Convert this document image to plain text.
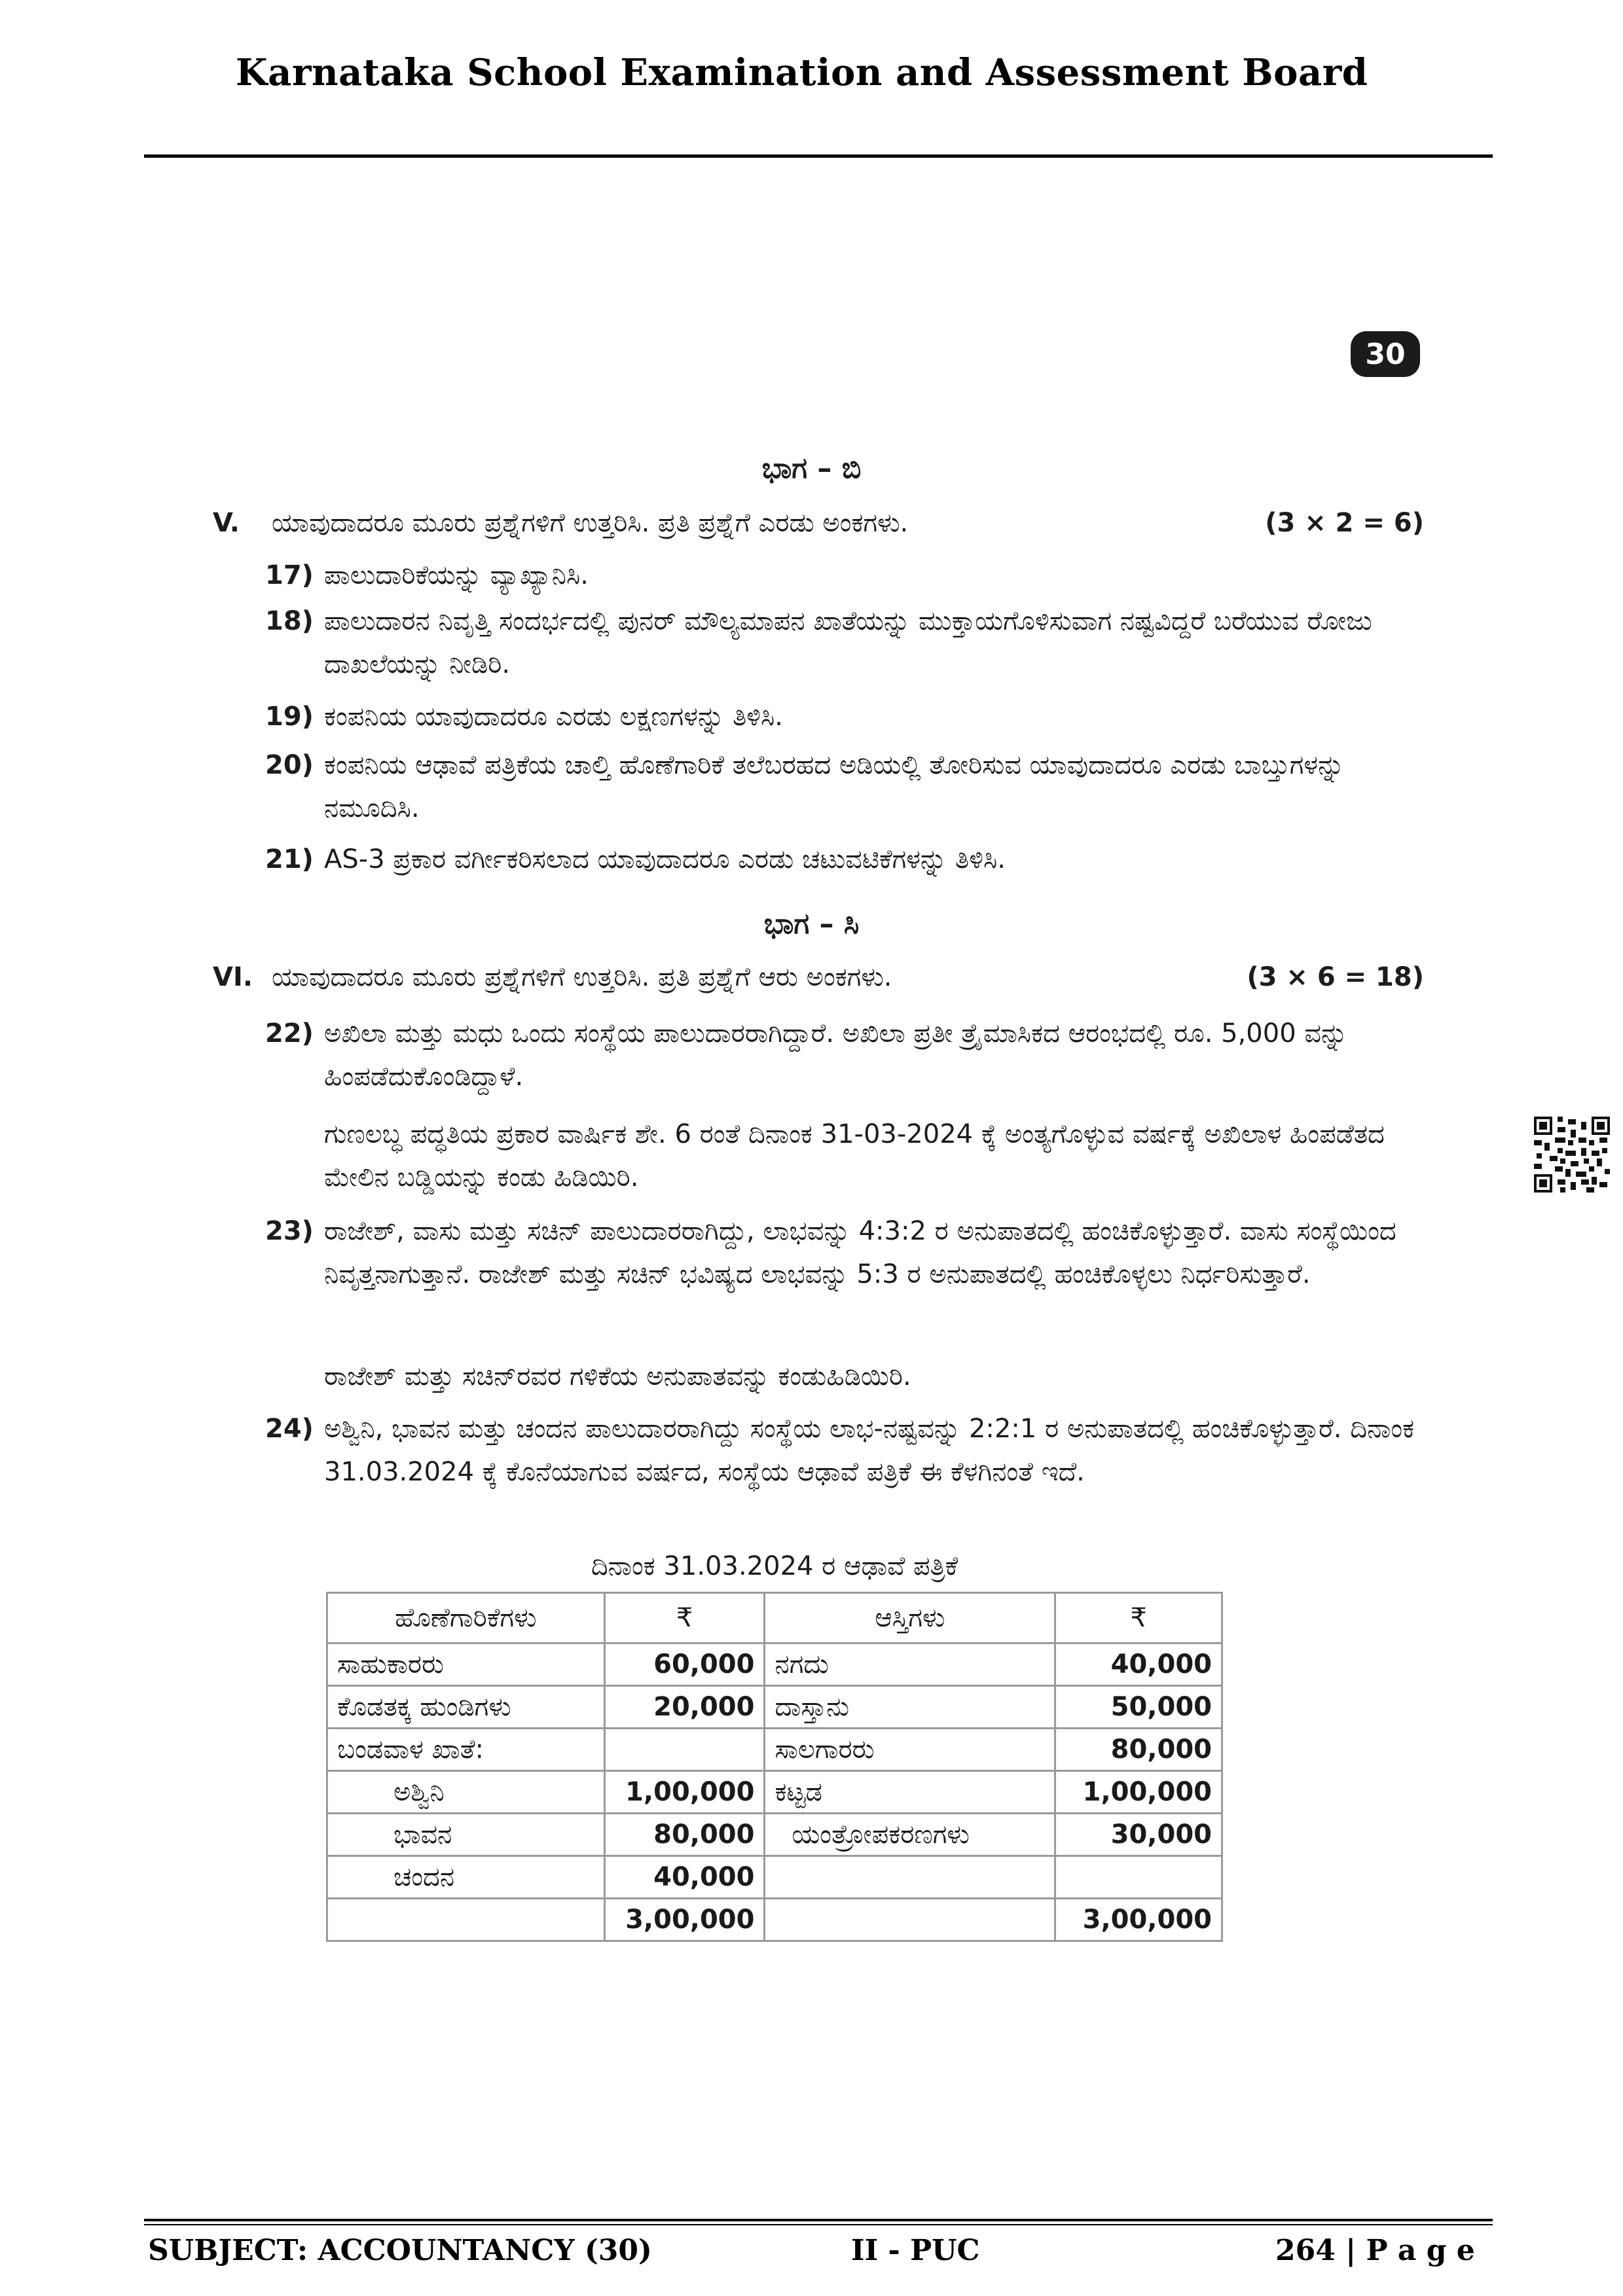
Karnataka School Examination and Assessment Board
30
ಭಾಗ – ಬಿ
V. ಯಾವುದಾದರೂ ಮೂರು ಪ್ರಶ್ನೆಗಳಿಗೆ ಉತ್ತರಿಸಿ. ಪ್ರತಿ ಪ್ರಶ್ನೆಗೆ ಎರಡು ಅಂಕಗಳು.	(3 × 2 = 6)
17) ಪಾಲುದಾರಿಕೆಯನ್ನು ವ್ಯಾಖ್ಯಾನಿಸಿ.
18) ಪಾಲುದಾರನ ನಿವೃತ್ತಿ ಸಂದರ್ಭದಲ್ಲಿ ಪುನರ್ ಮೌಲ್ಯಮಾಪನ ಖಾತೆಯನ್ನು ಮುಕ್ತಾಯಗೊಳಿಸುವಾಗ ನಷ್ಟವಿದ್ದರೆ ಬರೆಯುವ ರೋಜು ದಾಖಲೆಯನ್ನು ನೀಡಿರಿ.
19) ಕಂಪನಿಯ ಯಾವುದಾದರೂ ಎರಡು ಲಕ್ಷಣಗಳನ್ನು ತಿಳಿಸಿ.
20) ಕಂಪನಿಯ ಆಢಾವೆ ಪತ್ರಿಕೆಯ ಚಾಲ್ತಿ ಹೊಣೆಗಾರಿಕೆ ತಲೆಬರಹದ ಅಡಿಯಲ್ಲಿ ತೋರಿಸುವ ಯಾವುದಾದರೂ ಎರಡು ಬಾಬ್ತುಗಳನ್ನು ನಮೂದಿಸಿ.
21) AS-3 ಪ್ರಕಾರ ವರ್ಗೀಕರಿಸಲಾದ ಯಾವುದಾದರೂ ಎರಡು ಚಟುವಟಿಕೆಗಳನ್ನು ತಿಳಿಸಿ.
ಭಾಗ – ಸಿ
VI. ಯಾವುದಾದರೂ ಮೂರು ಪ್ರಶ್ನೆಗಳಿಗೆ ಉತ್ತರಿಸಿ. ಪ್ರತಿ ಪ್ರಶ್ನೆಗೆ ಆರು ಅಂಕಗಳು.	(3 × 6 = 18)
22) ಅಖಿಲಾ ಮತ್ತು ಮಧು ಒಂದು ಸಂಸ್ಥೆಯ ಪಾಲುದಾರರಾಗಿದ್ದಾರೆ. ಅಖಿಲಾ ಪ್ರತೀ ತ್ರೈಮಾಸಿಕದ ಆರಂಭದಲ್ಲಿ ರೂ. 5,000 ವನ್ನು ಹಿಂಪಡೆದುಕೊಂಡಿದ್ದಾಳೆ.
ಗುಣಲಬ್ಧ ಪದ್ಧತಿಯ ಪ್ರಕಾರ ವಾರ್ಷಿಕ ಶೇ. 6 ರಂತೆ ದಿನಾಂಕ 31-03-2024 ಕ್ಕೆ ಅಂತ್ಯಗೊಳ್ಳುವ ವರ್ಷಕ್ಕೆ ಅಖಿಲಾಳ ಹಿಂಪಡೆತದ ಮೇಲಿನ ಬಡ್ಡಿಯನ್ನು ಕಂಡು ಹಿಡಿಯಿರಿ.
23) ರಾಜೇಶ್, ವಾಸು ಮತ್ತು ಸಚಿನ್ ಪಾಲುದಾರರಾಗಿದ್ದು, ಲಾಭವನ್ನು 4:3:2 ರ ಅನುಪಾತದಲ್ಲಿ ಹಂಚಿಕೊಳ್ಳುತ್ತಾರೆ. ವಾಸು ಸಂಸ್ಥೆಯಿಂದ ನಿವೃತ್ತನಾಗುತ್ತಾನೆ. ರಾಜೇಶ್ ಮತ್ತು ಸಚಿನ್ ಭವಿಷ್ಯದ ಲಾಭವನ್ನು 5:3 ರ ಅನುಪಾತದಲ್ಲಿ ಹಂಚಿಕೊಳ್ಳಲು ನಿರ್ಧರಿಸುತ್ತಾರೆ.
ರಾಜೇಶ್ ಮತ್ತು ಸಚಿನ್‌ರವರ ಗಳಿಕೆಯ ಅನುಪಾತವನ್ನು ಕಂಡುಹಿಡಿಯಿರಿ.
24) ಅಶ್ವಿನಿ, ಭಾವನ ಮತ್ತು ಚಂದನ ಪಾಲುದಾರರಾಗಿದ್ದು ಸಂಸ್ಥೆಯ ಲಾಭ-ನಷ್ಟವನ್ನು 2:2:1 ರ ಅನುಪಾತದಲ್ಲಿ ಹಂಚಿಕೊಳ್ಳುತ್ತಾರೆ. ದಿನಾಂಕ 31.03.2024 ಕ್ಕೆ ಕೊನೆಯಾಗುವ ವರ್ಷದ, ಸಂಸ್ಥೆಯ ಆಢಾವೆ ಪತ್ರಿಕೆ ಈ ಕೆಳಗಿನಂತೆ ಇದೆ.
ದಿನಾಂಕ 31.03.2024 ರ ಆಢಾವೆ ಪತ್ರಿಕೆ
ಹೊಣೆಗಾರಿಕೆಗಳು	₹	ಆಸ್ತಿಗಳು	₹
ಸಾಹುಕಾರರು	60,000	ನಗದು	40,000
ಕೊಡತಕ್ಕ ಹುಂಡಿಗಳು	20,000	ದಾಸ್ತಾನು	50,000
ಬಂಡವಾಳ ಖಾತೆ:		ಸಾಲಗಾರರು	80,000
ಅಶ್ವಿನಿ	1,00,000	ಕಟ್ಟಡ	1,00,000
ಭಾವನ	80,000	ಯಂತ್ರೋಪಕರಣಗಳು	30,000
ಚಂದನ	40,000		
	3,00,000		3,00,000
SUBJECT: ACCOUNTANCY (30)	II - PUC	264 | P a g e
